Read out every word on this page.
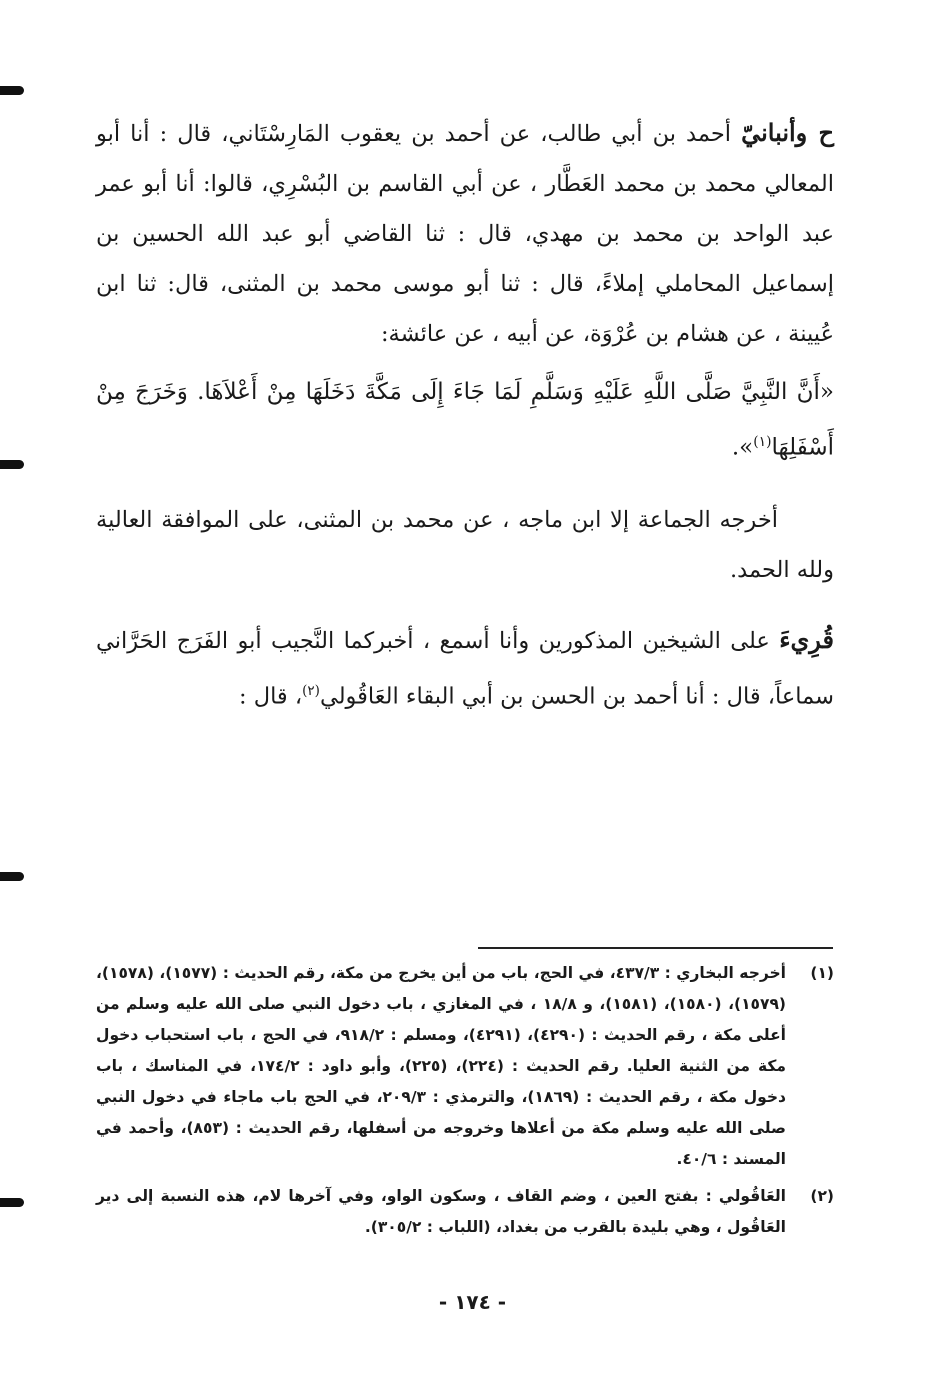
ح وأنبانيّ أحمد بن أبي طالب، عن أحمد بن يعقوب المَارِسْتَاني، قال : أنا أبو المعالي محمد بن محمد العَطَّار ، عن أبي القاسم بن البُسْرِي، قالوا: أنا أبو عمر عبد الواحد بن محمد بن مهدي، قال : ثنا القاضي أبو عبد الله الحسين بن إسماعيل المحاملي إملاءً، قال : ثنا أبو موسى محمد بن المثنى، قال: ثنا ابن عُيينة ، عن هشام بن عُرْوَة، عن أبيه ، عن عائشة:

«أَنَّ النَّبِيَّ صَلَّى اللَّهِ عَلَيْهِ وَسَلَّمِ لَمَا جَاءَ إِلَى مَكَّةَ دَخَلَهَا مِنْ أَعْلاَهَا. وَخَرَجَ مِنْ أَسْفَلِهَا$^{(١)}$».

أخرجه الجماعة إلا ابن ماجه ، عن محمد بن المثنى، على الموافقة العالية ولله الحمد.

قُرِيءَ على الشيخين المذكورين وأنا أسمع ، أخبركما النَّجيب أبو الفَرَج الحَرَّاني سماعاً، قال : أنا أحمد بن الحسن بن أبي البقاء العَاقُولي$^{(٢)}$، قال :

(١)
أخرجه البخاري : ٤٣٧/٣، في الحج، باب من أين يخرج من مكة، رقم الحديث : (١٥٧٧)، (١٥٧٨)، (١٥٧٩)، (١٥٨٠)، (١٥٨١)، و ١٨/٨ ، في المغازي ، باب دخول النبي صلى الله عليه وسلم من أعلى مكة ، رقم الحديث : (٤٢٩٠)، (٤٢٩١)، ومسلم : ٩١٨/٢، في الحج ، باب استحباب دخول مكة من الثنية العليا. رقم الحديث : (٢٢٤)، (٢٢٥)، وأبو داود : ١٧٤/٢، في المناسك ، باب دخول مكة ، رقم الحديث : (١٨٦٩)، والترمذي : ٢٠٩/٣، في الحج باب ماجاء في دخول النبي صلى الله عليه وسلم مكة من أعلاها وخروجه من أسفلها، رقم الحديث : (٨٥٣)، وأحمد في المسند : ٤٠/٦.
(٢)
العَاقُولي : بفتح العين ، وضم القاف ، وسكون الواو، وفي آخرها لام، هذه النسبة إلى دير العَاقُول ، وهي بليدة بالقرب من بغداد، (اللباب : ٣٠٥/٢).
- ١٧٤ -
